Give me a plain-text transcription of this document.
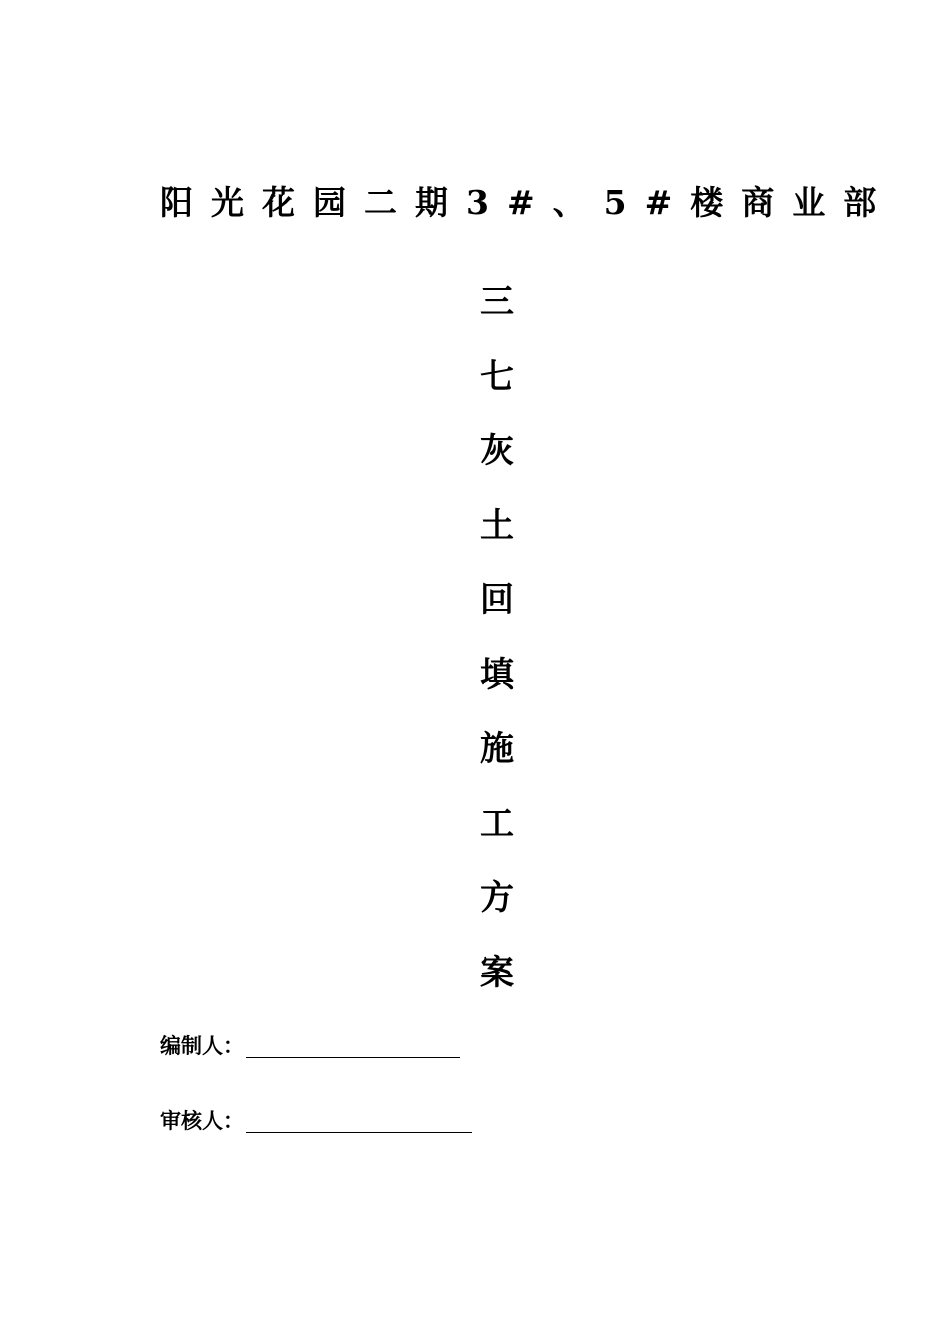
阳光花园二期3#、5#楼商业部
三
七
灰
土
回
填
施
工
方
案
编制人：
审核人：
